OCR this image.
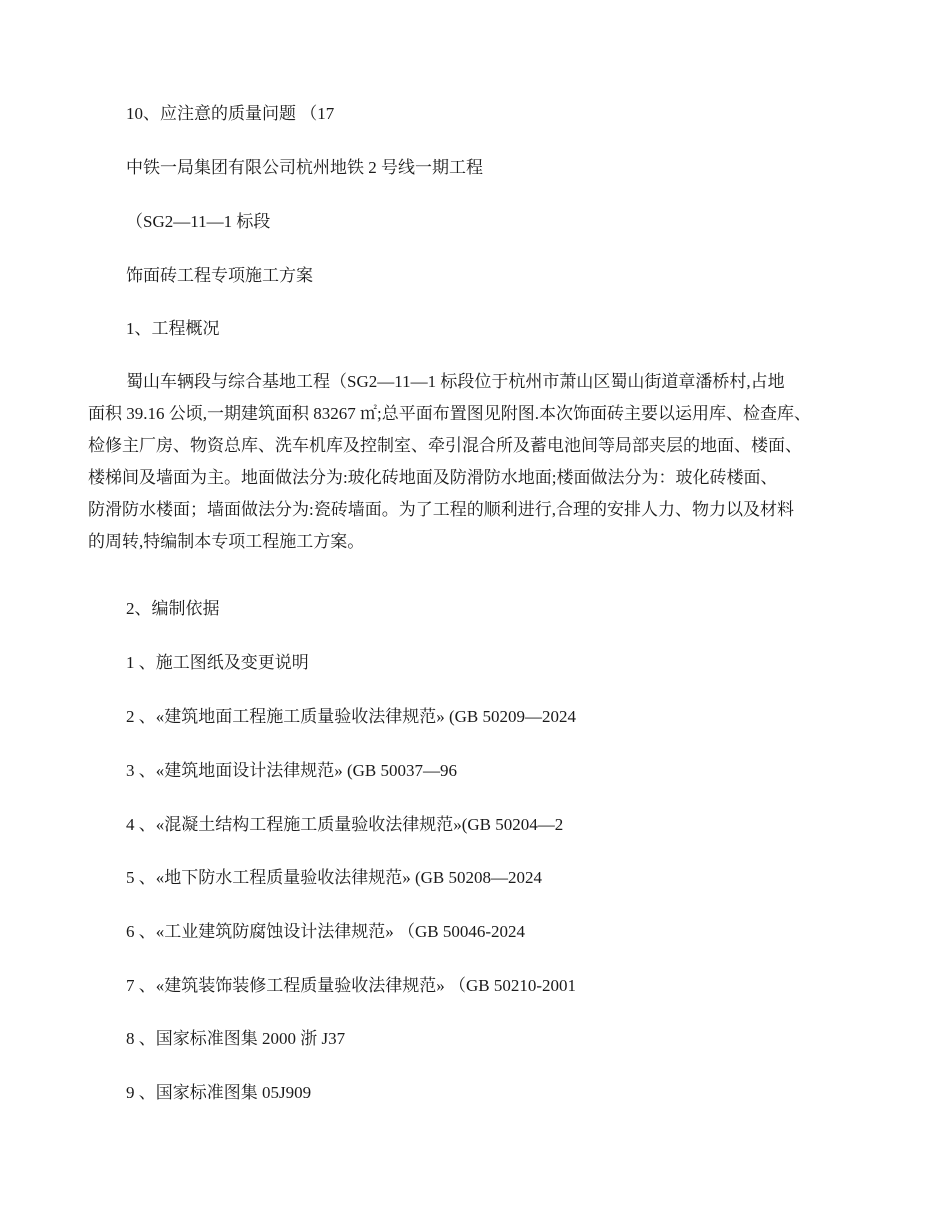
10、应注意的质量问题 （17
中铁一局集团有限公司杭州地铁 2 号线一期工程
（SG2—11—1 标段
饰面砖工程专项施工方案
1、工程概况
蜀山车辆段与综合基地工程（SG2—11—1 标段位于杭州市萧山区蜀山街道章潘桥村,占地
面积 39.16 公顷,一期建筑面积 83267 ㎡;总平面布置图见附图.本次饰面砖主要以运用库、检查库、
检修主厂房、物资总库、洗车机库及控制室、牵引混合所及蓄电池间等局部夹层的地面、楼面、
楼梯间及墙面为主。地面做法分为:玻化砖地面及防滑防水地面;楼面做法分为：玻化砖楼面、
防滑防水楼面；墙面做法分为:瓷砖墙面。为了工程的顺利进行,合理的安排人力、物力以及材料
的周转,特编制本专项工程施工方案。
2、编制依据
1 、施工图纸及变更说明
2 、«建筑地面工程施工质量验收法律规范» (GB 50209—2024
3 、«建筑地面设计法律规范» (GB 50037—96
4 、«混凝土结构工程施工质量验收法律规范»(GB 50204—2
5 、«地下防水工程质量验收法律规范» (GB 50208—2024
6 、«工业建筑防腐蚀设计法律规范» （GB 50046-2024
7 、«建筑装饰装修工程质量验收法律规范» （GB 50210-2001
8 、国家标准图集 2000 浙 J37
9 、国家标准图集 05J909
